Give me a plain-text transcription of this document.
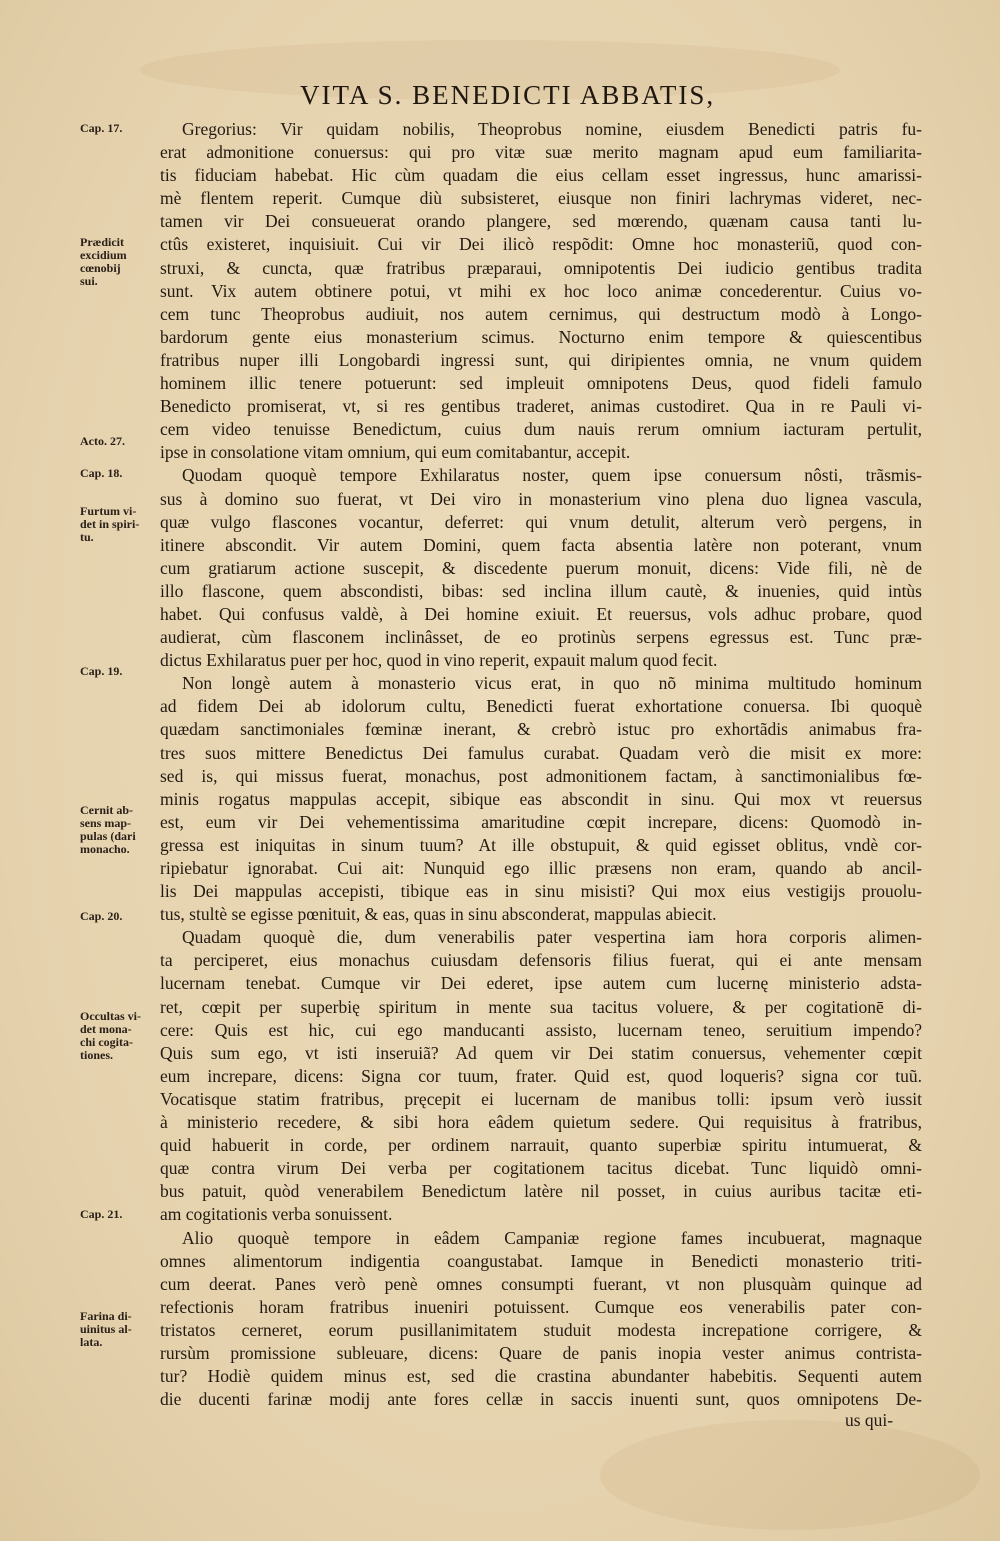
VITA S. BENEDICTI ABBATIS,
Cap. 17.
Prædicit
excidium
cœnobij
sui.
Acto. 27.
Cap. 18.
Furtum vi-
det in spiri-
tu.
Cap. 19.
Cernit ab-
sens map-
pulas (dari
monacho.
Cap. 20.
Occultas vi-
det mona-
chi cogita-
tiones.
Cap. 21.
Farina di-
uinitus al-
lata.
Gregorius: Vir quidam nobilis, Theoprobus nomine, eiusdem Benedicti patris fu-
erat admonitione conuersus: qui pro vitæ suæ merito magnam apud eum familiarita-
tis fiduciam habebat. Hic cùm quadam die eius cellam esset ingressus, hunc amarissi-
mè flentem reperit. Cumque diù subsisteret, eiusque non finiri lachrymas videret, nec-
tamen vir Dei consueuerat orando plangere, sed mœrendo, quænam causa tanti lu-
ctûs existeret, inquisiuit. Cui vir Dei ilicò respõdit: Omne hoc monasteriũ, quod con-
struxi, & cuncta, quæ fratribus præparaui, omnipotentis Dei iudicio gentibus tradita
sunt. Vix autem obtinere potui, vt mihi ex hoc loco animæ concederentur. Cuius vo-
cem tunc Theoprobus audiuit, nos autem cernimus, qui destructum modò à Longo-
bardorum gente eius monasterium scimus. Nocturno enim tempore & quiescentibus
fratribus nuper illi Longobardi ingressi sunt, qui diripientes omnia, ne vnum quidem
hominem illic tenere potuerunt: sed impleuit omnipotens Deus, quod fideli famulo
Benedicto promiserat, vt, si res gentibus traderet, animas custodiret. Qua in re Pauli vi-
cem video tenuisse Benedictum, cuius dum nauis rerum omnium iacturam pertulit,
ipse in consolatione vitam omnium, qui eum comitabantur, accepit.
Quodam quoquè tempore Exhilaratus noster, quem ipse conuersum nôsti, trãsmis-
sus à domino suo fuerat, vt Dei viro in monasterium vino plena duo lignea vascula,
quæ vulgo flascones vocantur, deferret: qui vnum detulit, alterum verò pergens, in
itinere abscondit. Vir autem Domini, quem facta absentia latère non poterant, vnum
cum gratiarum actione suscepit, & discedente puerum monuit, dicens: Vide fili, nè de
illo flascone, quem abscondisti, bibas: sed inclina illum cautè, & inuenies, quid intùs
habet. Qui confusus valdè, à Dei homine exiuit. Et reuersus, vols adhuc probare, quod
audierat, cùm flasconem inclinâsset, de eo protinùs serpens egressus est. Tunc præ-
dictus Exhilaratus puer per hoc, quod in vino reperit, expauit malum quod fecit.
Non longè autem à monasterio vicus erat, in quo nõ minima multitudo hominum
ad fidem Dei ab idolorum cultu, Benedicti fuerat exhortatione conuersa. Ibi quoquè
quædam sanctimoniales fœminæ inerant, & crebrò istuc pro exhortãdis animabus fra-
tres suos mittere Benedictus Dei famulus curabat. Quadam verò die misit ex more:
sed is, qui missus fuerat, monachus, post admonitionem factam, à sanctimonialibus fœ-
minis rogatus mappulas accepit, sibique eas abscondit in sinu. Qui mox vt reuersus
est, eum vir Dei vehementissima amaritudine cœpit increpare, dicens: Quomodò in-
gressa est iniquitas in sinum tuum? At ille obstupuit, & quid egisset oblitus, vndè cor-
ripiebatur ignorabat. Cui ait: Nunquid ego illic præsens non eram, quando ab ancil-
lis Dei mappulas accepisti, tibique eas in sinu misisti? Qui mox eius vestigijs prouolu-
tus, stultè se egisse pœnituit, & eas, quas in sinu absconderat, mappulas abiecit.
Quadam quoquè die, dum venerabilis pater vespertina iam hora corporis alimen-
ta perciperet, eius monachus cuiusdam defensoris filius fuerat, qui ei ante mensam
lucernam tenebat. Cumque vir Dei ederet, ipse autem cum lucernę ministerio adsta-
ret, cœpit per superbię spiritum in mente sua tacitus voluere, & per cogitationē di-
cere: Quis est hic, cui ego manducanti assisto, lucernam teneo, seruitium impendo?
Quis sum ego, vt isti inseruiã? Ad quem vir Dei statim conuersus, vehementer cœpit
eum increpare, dicens: Signa cor tuum, frater. Quid est, quod loqueris? signa cor tuũ.
Vocatisque statim fratribus, pręcepit ei lucernam de manibus tolli: ipsum verò iussit
à ministerio recedere, & sibi hora eâdem quietum sedere. Qui requisitus à fratribus,
quid habuerit in corde, per ordinem narrauit, quanto superbiæ spiritu intumuerat, &
quæ contra virum Dei verba per cogitationem tacitus dicebat. Tunc liquidò omni-
bus patuit, quòd venerabilem Benedictum latère nil posset, in cuius auribus tacitæ eti-
am cogitationis verba sonuissent.
Alio quoquè tempore in eâdem Campaniæ regione fames incubuerat, magnaque
omnes alimentorum indigentia coangustabat. Iamque in Benedicti monasterio triti-
cum deerat. Panes verò penè omnes consumpti fuerant, vt non plusquàm quinque ad
refectionis horam fratribus inueniri potuissent. Cumque eos venerabilis pater con-
tristatos cerneret, eorum pusillanimitatem studuit modesta increpatione corrigere, &
rursùm promissione subleuare, dicens: Quare de panis inopia vester animus contrista-
tur? Hodiè quidem minus est, sed die crastina abundanter habebitis. Sequenti autem
die ducenti farinæ modij ante fores cellæ in saccis inuenti sunt, quos omnipotens De-
us qui-
